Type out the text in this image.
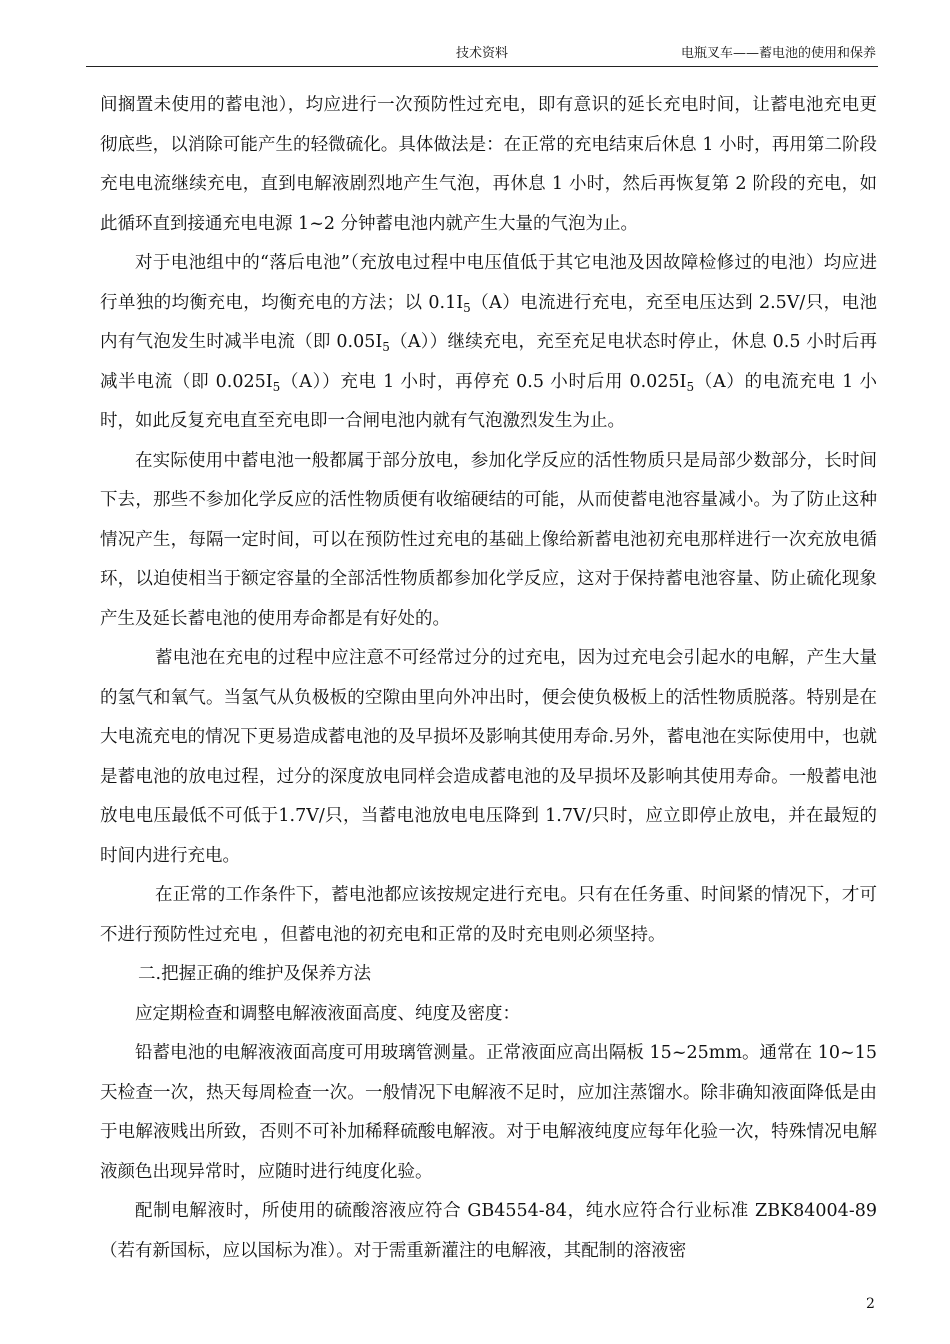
技术资料	电瓶叉车——蓄电池的使用和保养

间搁置未使用的蓄电池），均应进行一次预防性过充电，即有意识的延长充电时间，让蓄电池充电更彻底些，以消除可能产生的轻微硫化。具体做法是：在正常的充电结束后休息 1 小时，再用第二阶段充电电流继续充电，直到电解液剧烈地产生气泡，再休息 1 小时，然后再恢复第 2 阶段的充电，如此循环直到接通充电电源 1~2 分钟蓄电池内就产生大量的气泡为止。

对于电池组中的“落后电池”（充放电过程中电压值低于其它电池及因故障检修过的电池）均应进行单独的均衡充电，均衡充电的方法；以 $0.1I_5(A)$电流进行充电，充至电压达到 2.5V/只，电池内有气泡发生时减半电流（即 $0.05I_5(A)$）继续充电，充至充足电状态时停止，休息 0.5 小时后再减半电流（即 $0.025I_5(A)$）充电 1 小时，再停充 0.5 小时后用 $0.025I_5(A)$的电流充电 1 小时，如此反复充电直至充电即一合闸电池内就有气泡激烈发生为止。

在实际使用中蓄电池一般都属于部分放电，参加化学反应的活性物质只是局部少数部分，长时间下去，那些不参加化学反应的活性物质便有收缩硬结的可能，从而使蓄电池容量减小。为了防止这种情况产生，每隔一定时间，可以在预防性过充电的基础上像给新蓄电池初充电那样进行一次充放电循环，以迫使相当于额定容量的全部活性物质都参加化学反应，这对于保持蓄电池容量、防止硫化现象产生及延长蓄电池的使用寿命都是有好处的。

蓄电池在充电的过程中应注意不可经常过分的过充电，因为过充电会引起水的电解，产生大量的氢气和氧气。当氢气从负极板的空隙由里向外冲出时，便会使负极板上的活性物质脱落。特别是在大电流充电的情况下更易造成蓄电池的及早损坏及影响其使用寿命.另外，蓄电池在实际使用中，也就是蓄电池的放电过程，过分的深度放电同样会造成蓄电池的及早损坏及影响其使用寿命。一般蓄电池放电电压最低不可低于1.7V/只，当蓄电池放电电压降到 1.7V/只时，应立即停止放电，并在最短的时间内进行充电。

在正常的工作条件下，蓄电池都应该按规定进行充电。只有在任务重、时间紧的情况下，才可不进行预防性过充电 ，但蓄电池的初充电和正常的及时充电则必须坚持。

二.把握正确的维护及保养方法

应定期检查和调整电解液液面高度、纯度及密度：

铅蓄电池的电解液液面高度可用玻璃管测量。正常液面应高出隔板 15~25mm。通常在 10~15 天检查一次，热天每周检查一次。一般情况下电解液不足时，应加注蒸馏水。除非确知液面降低是由于电解液贱出所致，否则不可补加稀释硫酸电解液。对于电解液纯度应每年化验一次，特殊情况电解液颜色出现异常时，应随时进行纯度化验。

配制电解液时，所使用的硫酸溶液应符合 GB4554-84，纯水应符合行业标准 ZBK84004-89（若有新国标，应以国标为准）。对于需重新灌注的电解液，其配制的溶液密

2
